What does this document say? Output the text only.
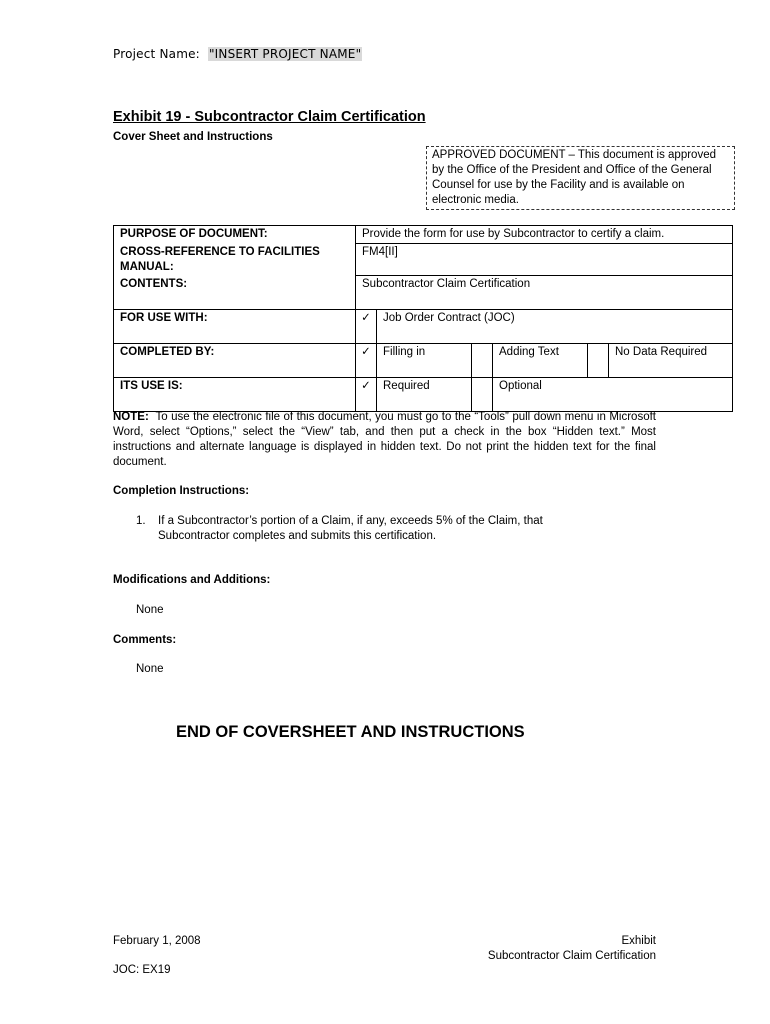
Project Name: "INSERT PROJECT NAME"
Exhibit 19 - Subcontractor Claim Certification
Cover Sheet and Instructions
APPROVED DOCUMENT – This document is approved by the Office of the President and Office of the General Counsel for use by the Facility and is available on electronic media.
PURPOSE OF DOCUMENT:	Provide the form for use by Subcontractor to certify a claim.					
CROSS-REFERENCE TO FACILITIES MANUAL:	FM4[II]					
CONTENTS:	Subcontractor Claim Certification					
FOR USE WITH:	✓	Job Order Contract (JOC)				
COMPLETED BY:	✓	Filling in		Adding Text		No Data Required
ITS USE IS:	✓	Required		Optional		
NOTE: To use the electronic file of this document, you must go to the “Tools” pull down menu in Microsoft Word, select “Options,” select the “View” tab, and then put a check in the box “Hidden text.” Most instructions and alternate language is displayed in hidden text. Do not print the hidden text for the final document.
Completion Instructions:
1. If a Subcontractor’s portion of a Claim, if any, exceeds 5% of the Claim, that Subcontractor completes and submits this certification.
Modifications and Additions:
None
Comments:
None
END OF COVERSHEET AND INSTRUCTIONS
February 1, 2008
JOC: EX19
Exhibit
Subcontractor Claim Certification
